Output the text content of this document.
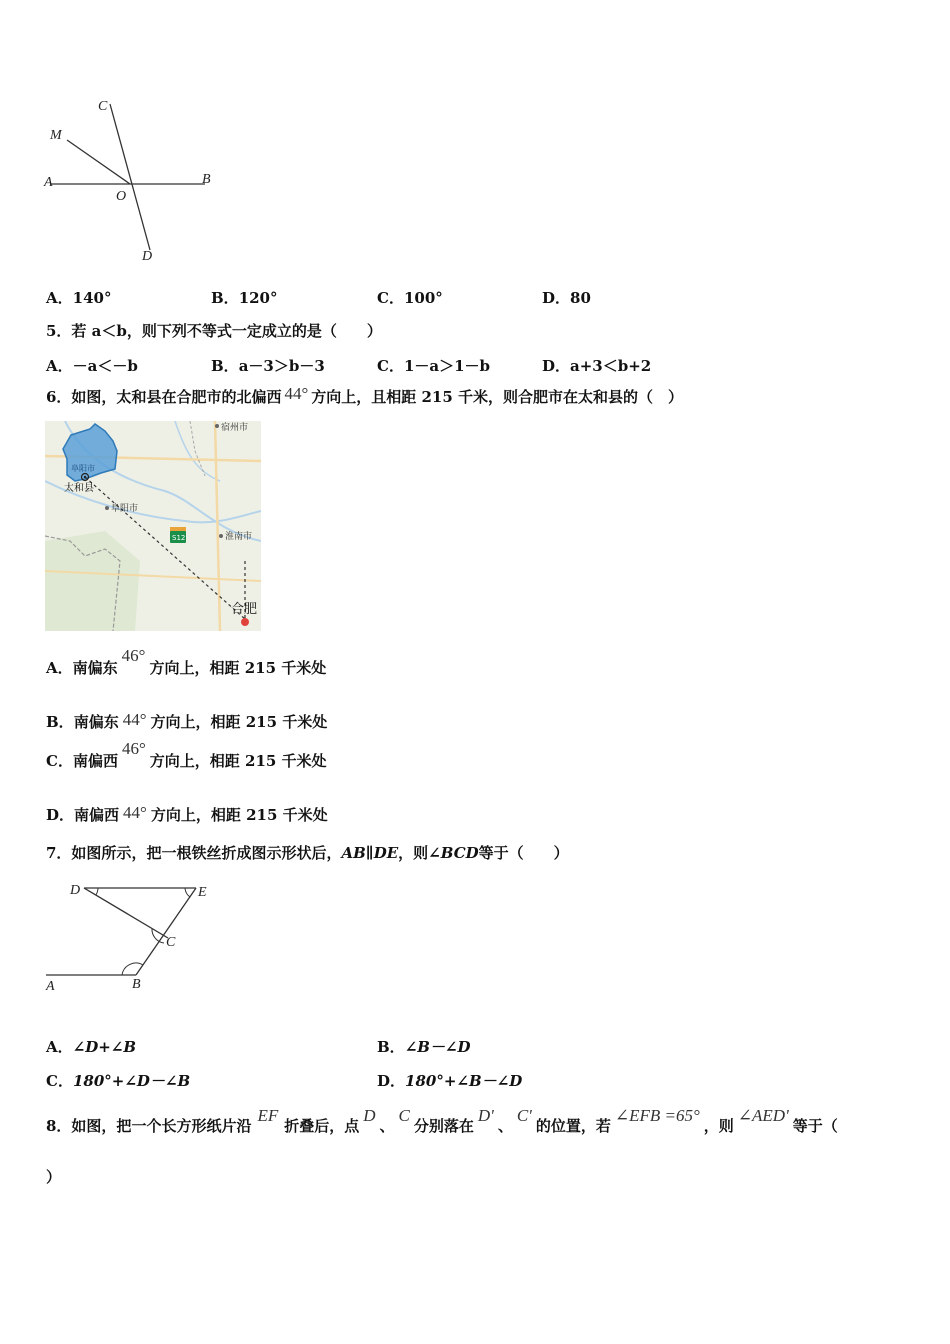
C
M
A
O
B
D
A．140°	B．120°	C．100°	D．80
5．若 a＜b，则下列不等式一定成立的是（　　）
A．－a＜－b	B．a－3＞b－3	C．1－a＞1－b	D．a+3＜b+2
6．如图，太和县在合肥市的北偏西 44° 方向上，且相距 215 千米，则合肥市在太和县的（　）
S12
宿州市
阜阳市
太和县
阜阳市
淮南市
合肥
A．南偏东46°方向上，相距 215 千米处
B．南偏东 44° 方向上，相距 215 千米处
C．南偏西46°方向上，相距 215 千米处
D．南偏西 44° 方向上，相距 215 千米处
7．如图所示，把一根铁丝折成图示形状后，AB∥DE，则∠BCD等于（　　）
D	E
C
A	B
A．∠D+∠B	B．∠B－∠D
C．180°+∠D－∠B	D．180°+∠B－∠D
8．如图，把一个长方形纸片沿EF折叠后，点D、C分别落在D'、C'的位置，若∠EFB =65°，则∠AED'等于（
）
